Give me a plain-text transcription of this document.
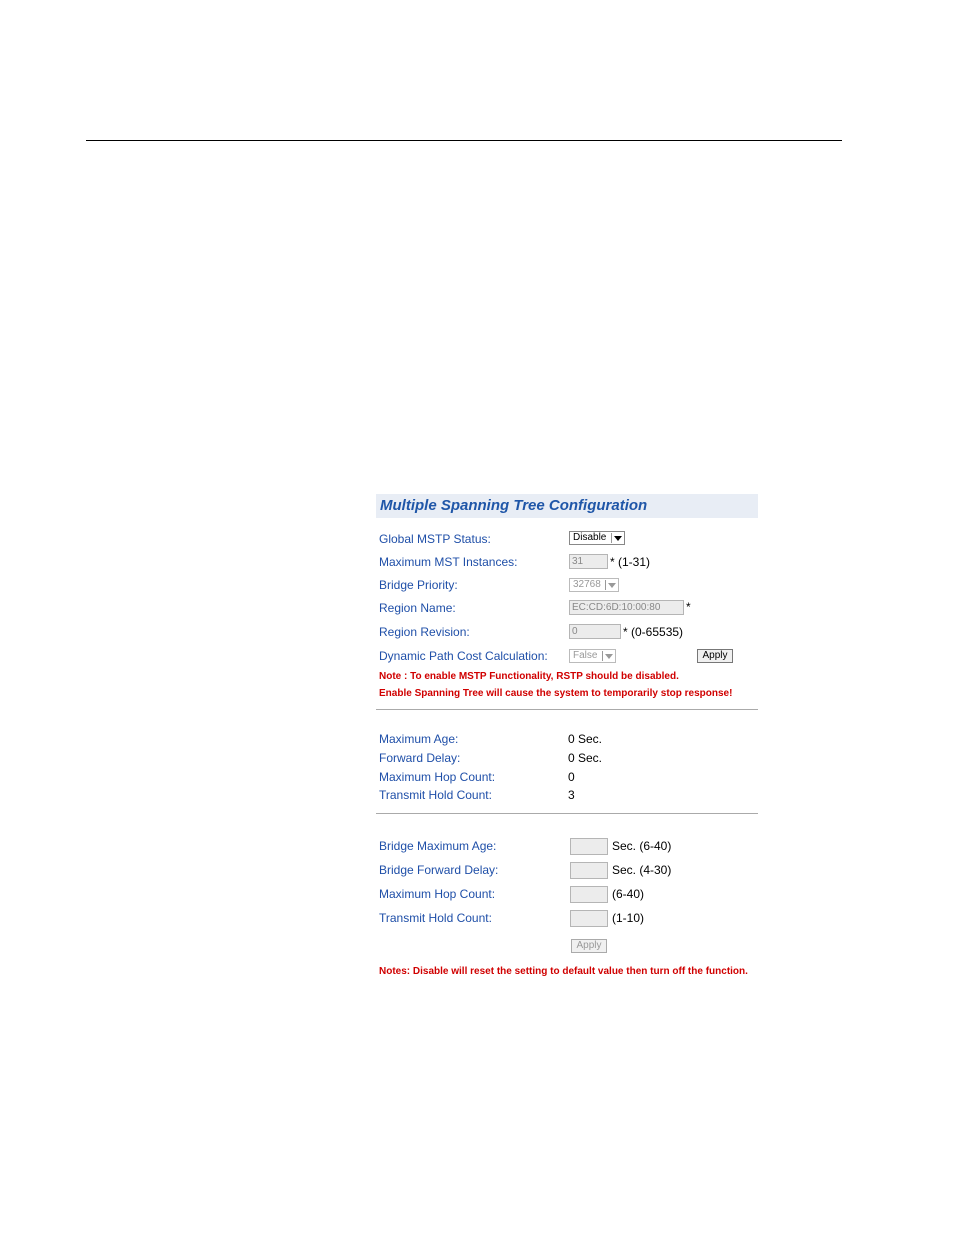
Multiple Spanning Tree Configuration
Global MSTP Status:	Disable
Maximum MST Instances:	31	* (1-31)
Bridge Priority:	32768
Region Name:	EC:CD:6D:10:00:80	*
Region Revision:	0	* (0-65535)
Dynamic Path Cost Calculation:	False	Apply
Note : To enable MSTP Functionality, RSTP should be disabled.
Enable Spanning Tree will cause the system to temporarily stop response!
Maximum Age:	0 Sec.
Forward Delay:	0 Sec.
Maximum Hop Count:	0
Transmit Hold Count:	3
Bridge Maximum Age:	Sec. (6-40)
Bridge Forward Delay:	Sec. (4-30)
Maximum Hop Count:	(6-40)
Transmit Hold Count:	(1-10)
Apply
Notes: Disable will reset the setting to default value then turn off the function.
